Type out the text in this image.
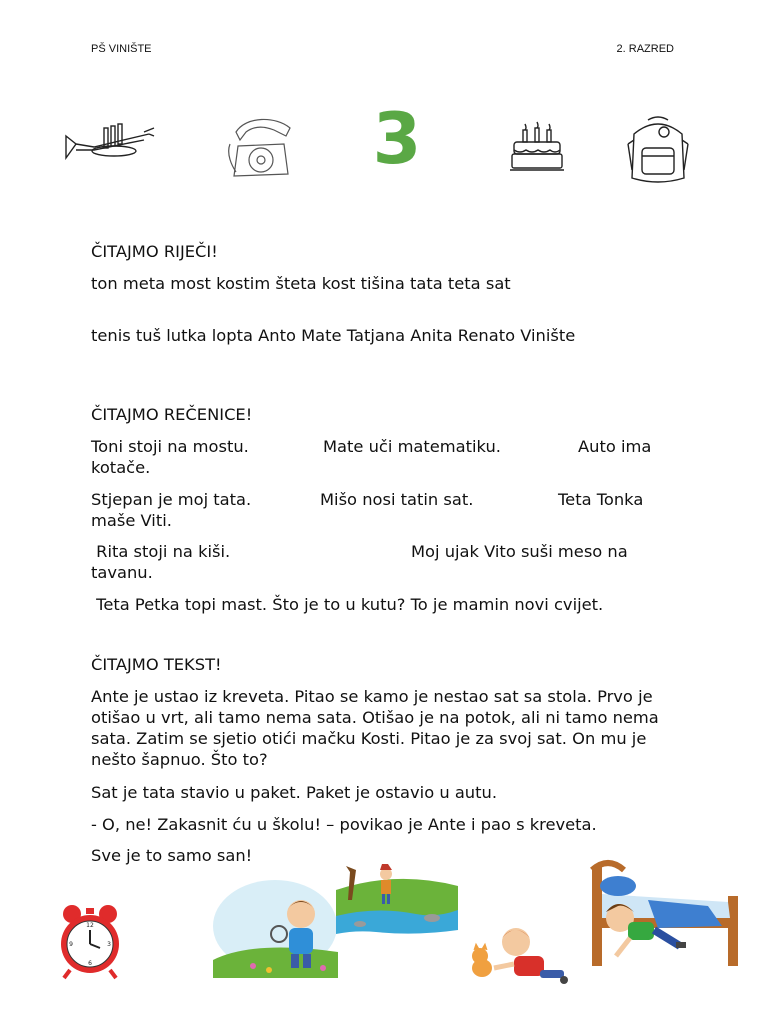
PŠ VINIŠTE	2. RAZRED
3
ČITAJMO RIJEČI!
ton meta most kostim šteta kost tišina tata teta sat
tenis tuš lutka lopta Anto Mate Tatjana Anita Renato Vinište
ČITAJMO REČENICE!
Toni stoji na mostu.	Mate uči matematiku.	Auto ima
kotače.
Stjepan je moj tata.	Mišo nosi tatin sat.	Teta Tonka
maše Viti.
Rita stoji na kiši.	Moj ujak Vito suši meso na
tavanu.
Teta Petka topi mast. Što je to u kutu? To je mamin novi cvijet.
ČITAJMO TEKST!
Ante je ustao iz kreveta. Pitao se kamo je nestao sat sa stola. Prvo je otišao u vrt, ali tamo nema sata. Otišao je na potok, ali ni tamo nema sata. Zatim se sjetio otići mačku Kosti. Pitao je za svoj sat. On mu je nešto šapnuo. Što to?
Sat je tata stavio u paket. Paket je ostavio u autu.
- O, ne! Zakasnit ću u školu! – povikao je Ante i pao s kreveta.
Sve je to samo san!
12
3
6
9
